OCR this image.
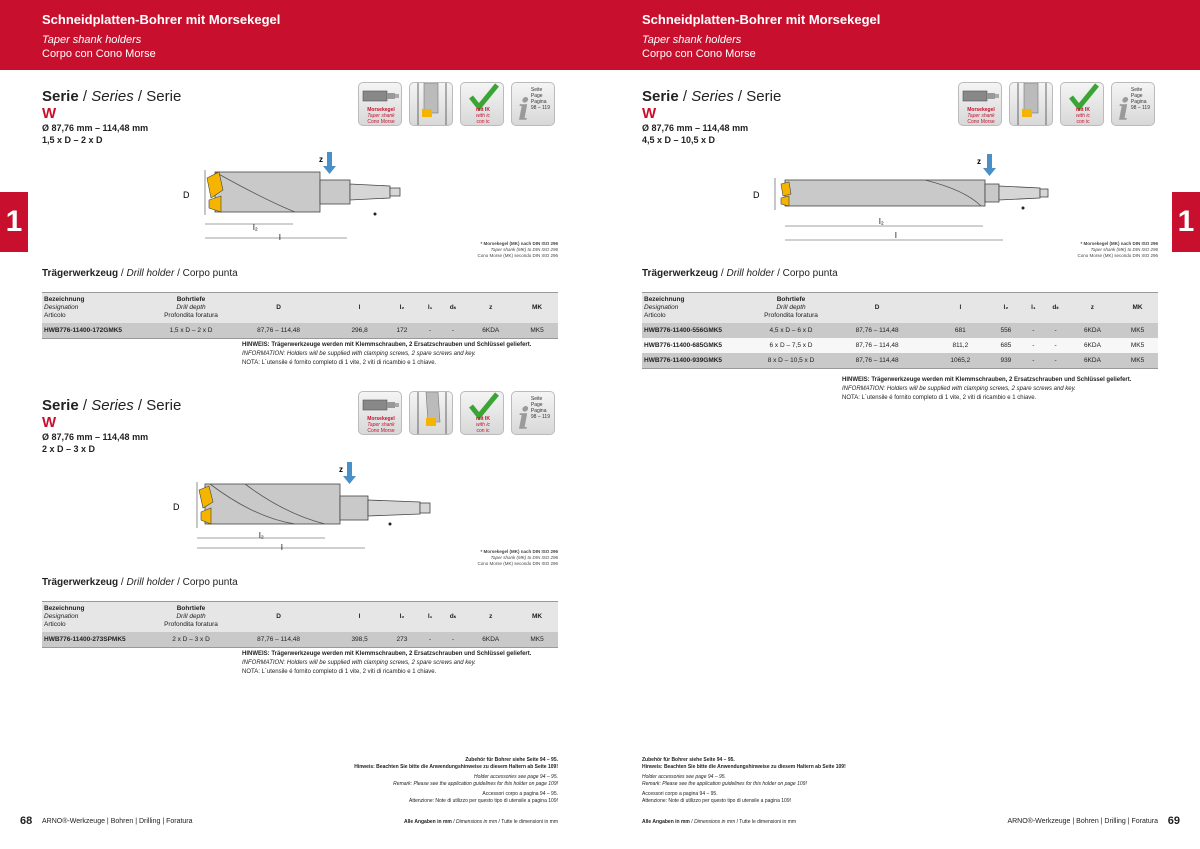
Schneidplatten-Bohrer mit Morsekegel
Taper shank holders
Corpo con Cono Morse
1
Serie / Series / Serie
W
Ø 87,76 mm – 114,48 mm
1,5 x D – 2 x D
Morsekegel
Taper shank
Cono Morse
mit IK
with ic
con ic i
Seite
Page
Pagina
98 – 119
z
D
l₂
l
* Morsekegel (MK) nach DIN ISO 296
Taper shank (MK) to DIN ISO 296
Cono Morse (MK) secondo DIN ISO 296
Trägerwerkzeug / Drill holder / Corpo punta
Bezeichnung
Designation
Articolo	Bohrtiefe
Drill depth
Profondita foratura	D	l	l₂	l₁	dₛ	z	MK
HWB776-11400-172GMK5	1,5 x D – 2 x D	87,76 – 114,48	296,8	172	-	-	6KDA	MK5
HINWEIS: Trägerwerkzeuge werden mit Klemmschrauben, 2 Ersatzschrauben und Schlüssel geliefert.
INFORMATION: Holders will be supplied with clamping screws, 2 spare screws and key.
NOTA: L´utensile é fornito completo di 1 vite, 2 viti di ricambio e 1 chiave.
Serie / Series / Serie
W
Ø 87,76 mm – 114,48 mm
2 x D – 3 x D
Morsekegel
Taper shank
Cono Morse
mit IK
with ic
con ic i
Seite
Page
Pagina
98 – 119
z
D
l₂
l	* Morsekegel (MK) nach DIN ISO 296
Taper shank (MK) to DIN ISO 296
Cono Morse (MK) secondo DIN ISO 296
Trägerwerkzeug / Drill holder / Corpo punta
Bezeichnung
Designation
Articolo	Bohrtiefe
Drill depth
Profondita foratura	D	l	l₂	l₁	dₛ	z	MK
HWB776-11400-273SPMK5	2 x D – 3 x D	87,76 – 114,48	398,5	273	-	-	6KDA	MK5
HINWEIS: Trägerwerkzeuge werden mit Klemmschrauben, 2 Ersatzschrauben und Schlüssel geliefert.
INFORMATION: Holders will be supplied with clamping screws, 2 spare screws and key.
NOTA: L´utensile é fornito completo di 1 vite, 2 viti di ricambio e 1 chiave.
Zubehör für Bohrer siehe Seite 94 – 95.
Hinweis: Beachten Sie bitte die Anwendungshinweise zu diesem Haltern ab Seite 109!
Holder accessories see page 94 – 95.
Remark: Please see the application guidelines for this holder on page 109!
Accessori corpo a pagina 94 – 95.
Attenzione: Note di utilizzo per questo tipo di utensile a pagina 109!
68 ARNO®-Werkzeuge | Bohren | Drilling | Foratura	Alle Angaben in mm / Dimensions in mm / Tutte le dimensioni in mm
Schneidplatten-Bohrer mit Morsekegel
Taper shank holders
Corpo con Cono Morse
1
Serie / Series / Serie
W
Ø 87,76 mm – 114,48 mm
4,5 x D – 10,5 x D
Morsekegel
Taper shank
Cono Morse
mit IK
with ic
con ic i
Seite
Page
Pagina
98 – 119
z
D
l₂
l
* Morsekegel (MK) nach DIN ISO 296
Taper shank (MK) to DIN ISO 296
Cono Morse (MK) secondo DIN ISO 296
Trägerwerkzeug / Drill holder / Corpo punta
Bezeichnung
Designation
Articolo	Bohrtiefe
Drill depth
Profondita foratura	D	l	l₂	l₁	dₛ	z	MK
HWB776-11400-556GMK5	4,5 x D – 6 x D	87,76 – 114,48	681	556	-	-	6KDA	MK5
HWB776-11400-685GMK5	6 x D – 7,5 x D	87,76 – 114,48	811,2	685	-	-	6KDA	MK5
HWB776-11400-939GMK5	8 x D – 10,5 x D	87,76 – 114,48	1065,2	939	-	-	6KDA	MK5
HINWEIS: Trägerwerkzeuge werden mit Klemmschrauben, 2 Ersatzschrauben und Schlüssel geliefert.
INFORMATION: Holders will be supplied with clamping screws, 2 spare screws and key.
NOTA: L´utensile é fornito completo di 1 vite, 2 viti di ricambio e 1 chiave.
Zubehör für Bohrer siehe Seite 94 – 95.
Hinweis: Beachten Sie bitte die Anwendungshinweise zu diesem Haltern ab Seite 109!
Holder accessories see page 94 – 95.
Remark: Please see the application guidelines for this holder on page 109!
Accessori corpo a pagina 94 – 95.
Attenzione: Note di utilizzo per questo tipo di utensile a pagina 109!
Alle Angaben in mm / Dimensions in mm / Tutte le dimensioni in mm	ARNO®-Werkzeuge | Bohren | Drilling | Foratura 69
